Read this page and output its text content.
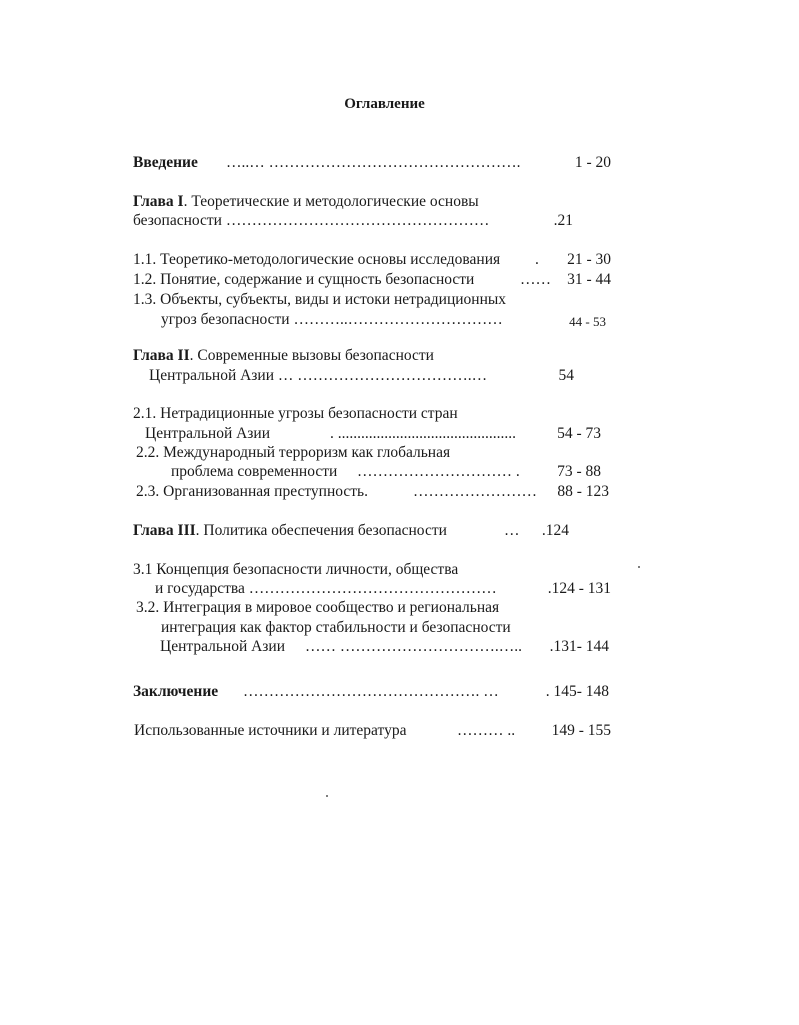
Оглавление
Введение …..… ………………………………………….	1 - 20
Глава I. Теоретические и методологические основы
безопасности ……………………………………………	.21
1.1. Теоретико-методологические основы исследования . 21 - 30
1.2. Понятие, содержание и сущность безопасности	…… 31 - 44
1.3. Объекты, субъекты, виды и истоки нетрадиционных
угроз безопасности ………..…………………………	44 - 53
Глава II. Современные вызовы безопасности
Центральной Азии … …………………………….…	54
2.1. Нетрадиционные угрозы безопасности стран
Центральной Азии	. ..............................................	54 - 73
2.2. Международный терроризм как глобальная
проблема современности ………………………… . 73 - 88
2.3. Организованная преступность.	…………………… 88 - 123
Глава III. Политика обеспечения безопасности	… .124
3.1 Концепция безопасности личности, общества
и государства …………………………………………	.124 - 131
3.2. Интеграция в мировое сообщество и региональная
интеграция как фактор стабильности и безопасности
Центральной Азии …… ………………………….….. .131- 144
Заключение ………………………………………. …	. 145- 148
Использованные источники и литература	……… .. 149 - 155
